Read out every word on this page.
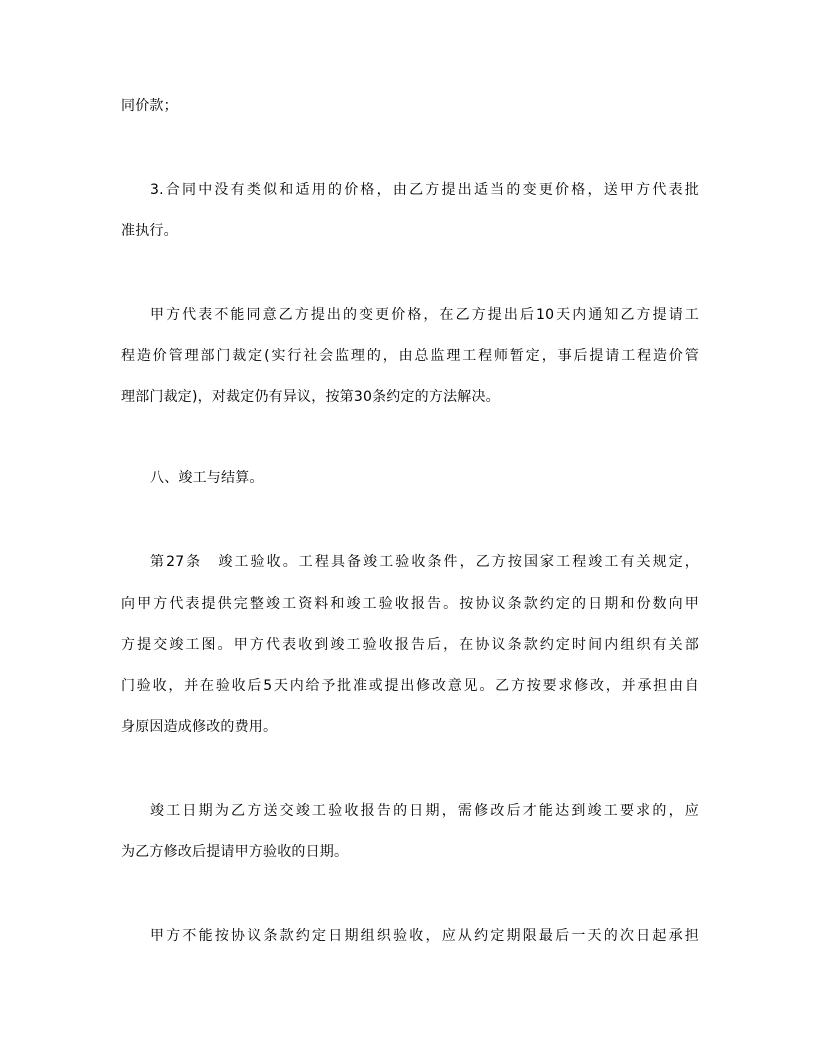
同价款；
3.合同中没有类似和适用的价格，由乙方提出适当的变更价格，送甲方代表批
准执行。
甲方代表不能同意乙方提出的变更价格，在乙方提出后10天内通知乙方提请工
程造价管理部门裁定(实行社会监理的，由总监理工程师暂定，事后提请工程造价管
理部门裁定)，对裁定仍有异议，按第30条约定的方法解决。
八、竣工与结算。
第27条　竣工验收。工程具备竣工验收条件，乙方按国家工程竣工有关规定，
向甲方代表提供完整竣工资料和竣工验收报告。按协议条款约定的日期和份数向甲
方提交竣工图。甲方代表收到竣工验收报告后，在协议条款约定时间内组织有关部
门验收，并在验收后5天内给予批准或提出修改意见。乙方按要求修改，并承担由自
身原因造成修改的费用。
竣工日期为乙方送交竣工验收报告的日期，需修改后才能达到竣工要求的，应
为乙方修改后提请甲方验收的日期。
甲方不能按协议条款约定日期组织验收，应从约定期限最后一天的次日起承担
